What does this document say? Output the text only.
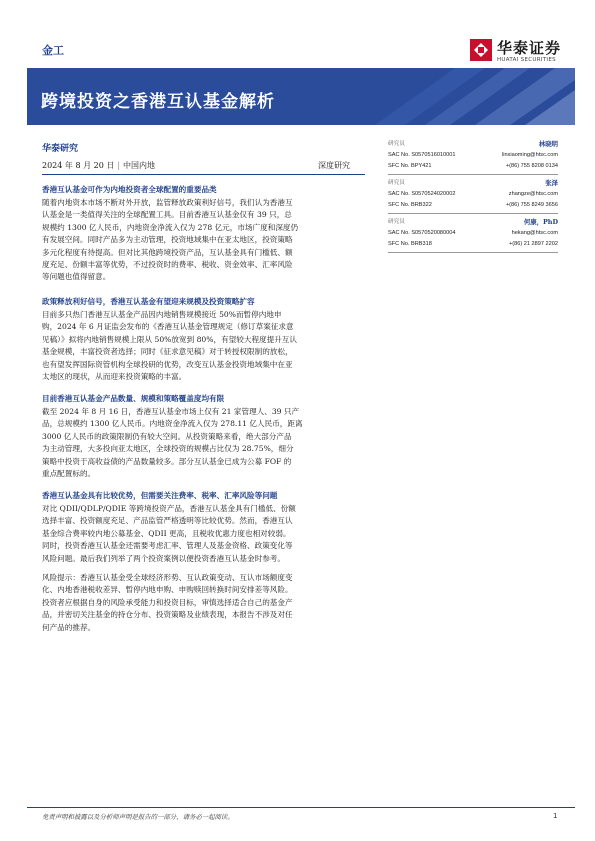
金工	华泰证券
HUATAI SECURITIES
跨境投资之香港互认基金解析
华泰研究
2024 年 8 月 20 日 | 中国内地	深度研究
香港互认基金可作为内地投资者全球配置的重要品类
随着内地资本市场不断对外开放，监管释放政策利好信号，我们认为香港互
认基金是一类值得关注的全球配置工具。目前香港互认基金仅有 39 只，总
规模约 1300 亿人民币，内地资金净流入仅为 278 亿元，市场广度和深度仍
有发展空间。同时产品多为主动管理，投资地域集中在亚太地区，投资策略
多元化程度有待提高。但对比其他跨境投资产品，互认基金具有门槛低、额
度充足、份额丰富等优势，不过投资时的费率、税收、资金效率、汇率风险
等问题也值得留意。
政策释放利好信号，香港互认基金有望迎来规模及投资策略扩容
目前多只热门香港互认基金产品因内地销售规模接近 50%而暂停内地申
购，2024 年 6 月证监会发布的《香港互认基金管理规定（修订草案征求意
见稿）》拟将内地销售规模上限从 50%放宽到 80%，有望较大程度提升互认
基金规模，丰富投资者选择；同时《征求意见稿》对于转授权限制的放松，
也有望发挥国际资管机构全球投研的优势，改变互认基金投资地域集中在亚
太地区的现状，从而迎来投资策略的丰富。
目前香港互认基金产品数量、规模和策略覆盖度均有限
截至 2024 年 8 月 16 日，香港互认基金市场上仅有 21 家管理人、39 只产
品，总规模约 1300 亿人民币。内地资金净流入仅为 278.11 亿人民币，距离
3000 亿人民币的政策限制仍有较大空间。从投资策略来看，绝大部分产品
为主动管理，大多投向亚太地区，全球投资的规模占比仅为 28.75%，细分
策略中投资于高收益债的产品数量较多。部分互认基金已成为公募 FOF 的
重点配置标的。
香港互认基金具有比较优势，但需要关注费率、税率、汇率风险等问题
对比 QDII/QDLP/QDIE 等跨境投资产品，香港互认基金具有门槛低、份额
选择丰富、投资额度充足、产品监管严格透明等比较优势。然而，香港互认
基金综合费率较内地公募基金、QDII 更高，且税收优惠力度也相对较弱。
同时，投资香港互认基金还需要考虑汇率、管理人及基金资格、政策变化等
风险问题。最后我们列举了两个投资案例以便投资香港互认基金时参考。
风险提示：香港互认基金受全球经济形势、互认政策变动、互认市场额度变
化、内地香港税收差异、暂停内地申购、申购赎回转换时间安排差等风险。
投资者应根据自身的风险承受能力和投资目标，审慎选择适合自己的基金产
品，并密切关注基金的持仓分布、投资策略及业绩表现，本报告不涉及对任
何产品的推荐。
研究员	林晓明
SAC No. S0570516010001	linxiaoming@htsc.com
SFC No. BPY421	+(86) 755 8208 0134
研究员	张泽
SAC No. S0570524020002	zhangze@htsc.com
SFC No. BRB322	+(86) 755 8249 3656
研究员	何康，PhD
SAC No. S0570520080004	hekang@htsc.com
SFC No. BRB318	+(86) 21 2897 2202
免责声明和披露以及分析师声明是报告的一部分，请务必一起阅读。	1
